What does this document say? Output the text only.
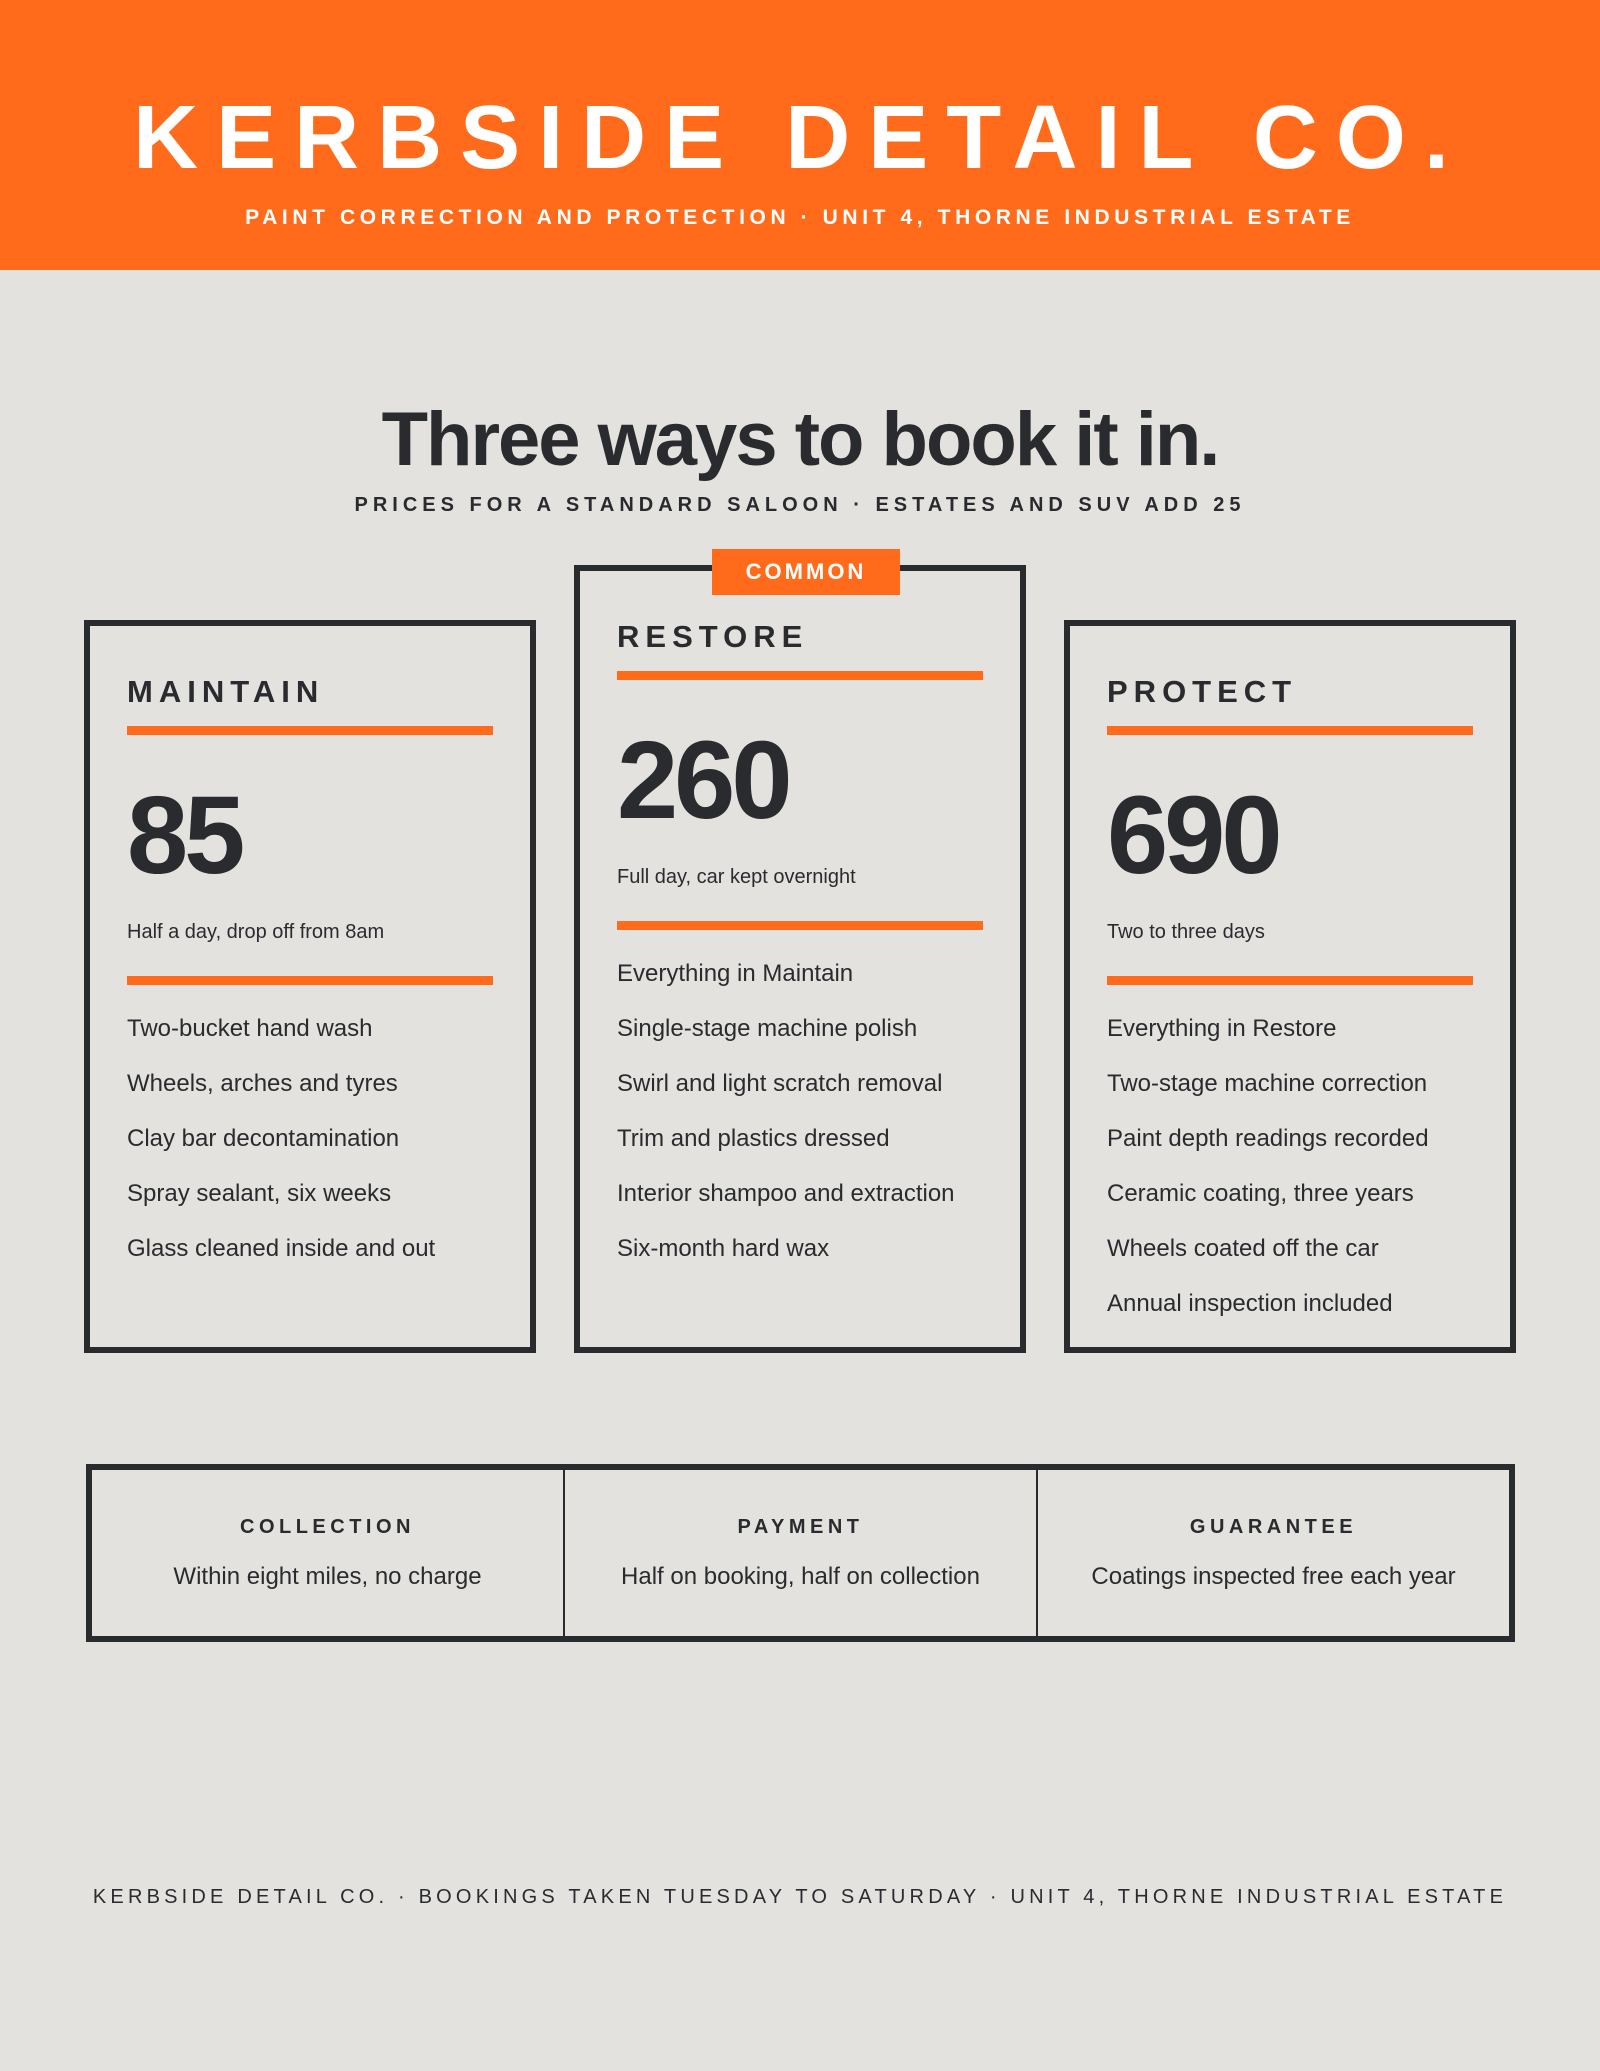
KERBSIDE DETAIL CO.
PAINT CORRECTION AND PROTECTION · UNIT 4, THORNE INDUSTRIAL ESTATE
Three ways to book it in.
PRICES FOR A STANDARD SALOON · ESTATES AND SUV ADD 25
MAINTAIN
85
Half a day, drop off from 8am
Two-bucket hand wash
Wheels, arches and tyres
Clay bar decontamination
Spray sealant, six weeks
Glass cleaned inside and out
COMMON
RESTORE
260
Full day, car kept overnight
Everything in Maintain
Single-stage machine polish
Swirl and light scratch removal
Trim and plastics dressed
Interior shampoo and extraction
Six-month hard wax
PROTECT
690
Two to three days
Everything in Restore
Two-stage machine correction
Paint depth readings recorded
Ceramic coating, three years
Wheels coated off the car
Annual inspection included
COLLECTION
Within eight miles, no charge
PAYMENT
Half on booking, half on collection
GUARANTEE
Coatings inspected free each year
KERBSIDE DETAIL CO. · BOOKINGS TAKEN TUESDAY TO SATURDAY · UNIT 4, THORNE INDUSTRIAL ESTATE
